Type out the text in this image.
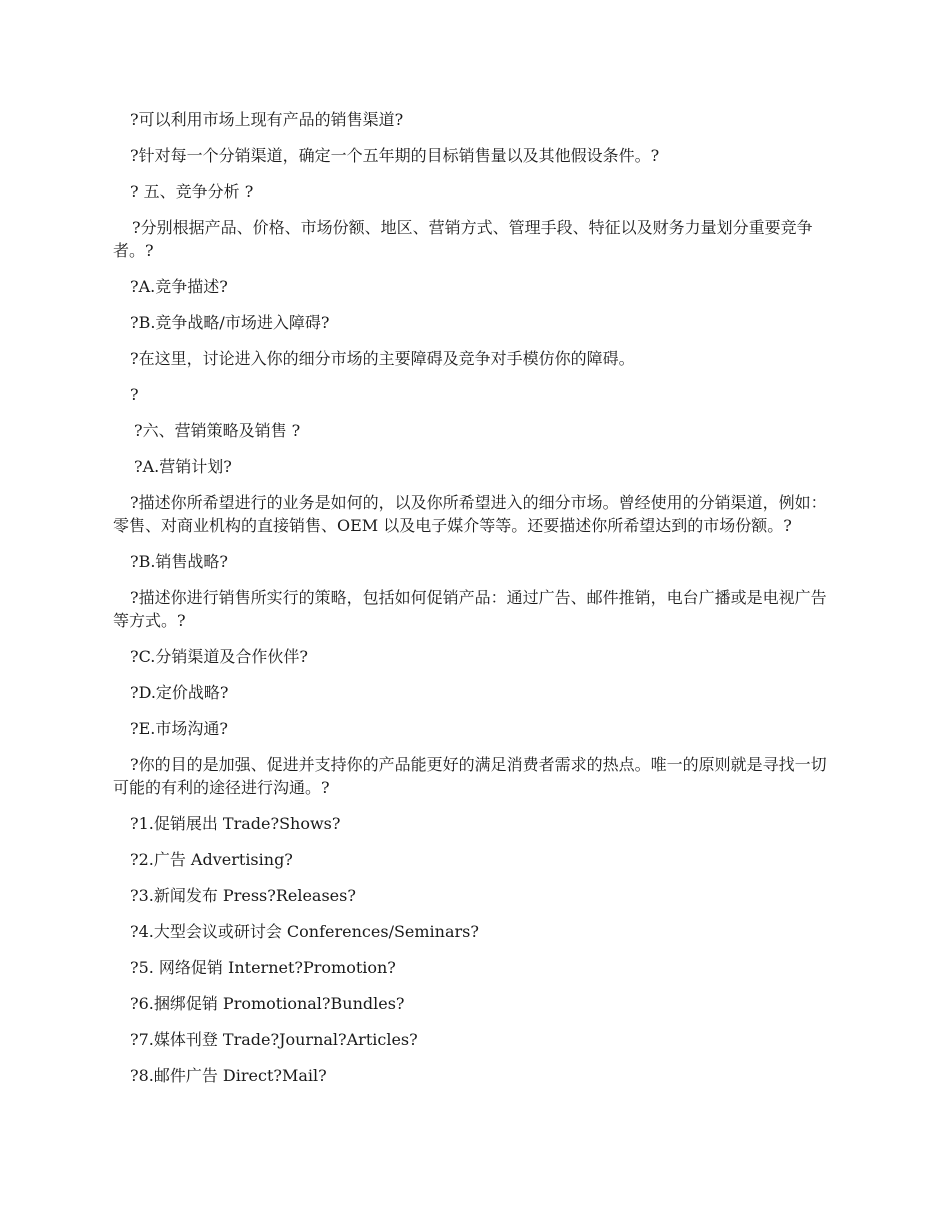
?可以利用市场上现有产品的销售渠道?

?针对每一个分销渠道，确定一个五年期的目标销售量以及其他假设条件。?

? 五、竞争分析 ?

?分别根据产品、价格、市场份额、地区、营销方式、管理手段、特征以及财务力量划分重要竞争者。?

?A.竞争描述?

?B.竞争战略/市场进入障碍?

?在这里，讨论进入你的细分市场的主要障碍及竞争对手模仿你的障碍。

?

?六、营销策略及销售 ?

?A.营销计划?

?描述你所希望进行的业务是如何的，以及你所希望进入的细分市场。曾经使用的分销渠道，例如：零售、对商业机构的直接销售、OEM 以及电子媒介等等。还要描述你所希望达到的市场份额。?

?B.销售战略?

?描述你进行销售所实行的策略，包括如何促销产品：通过广告、邮件推销，电台广播或是电视广告等方式。?

?C.分销渠道及合作伙伴?

?D.定价战略?

?E.市场沟通?

?你的目的是加强、促进并支持你的产品能更好的满足消费者需求的热点。唯一的原则就是寻找一切可能的有利的途径进行沟通。?

?1.促销展出 Trade?Shows?

?2.广告 Advertising?

?3.新闻发布 Press?Releases?

?4.大型会议或研讨会 Conferences/Seminars?

?5. 网络促销 Internet?Promotion?

?6.捆绑促销 Promotional?Bundles?

?7.媒体刊登 Trade?Journal?Articles?

?8.邮件广告 Direct?Mail?
